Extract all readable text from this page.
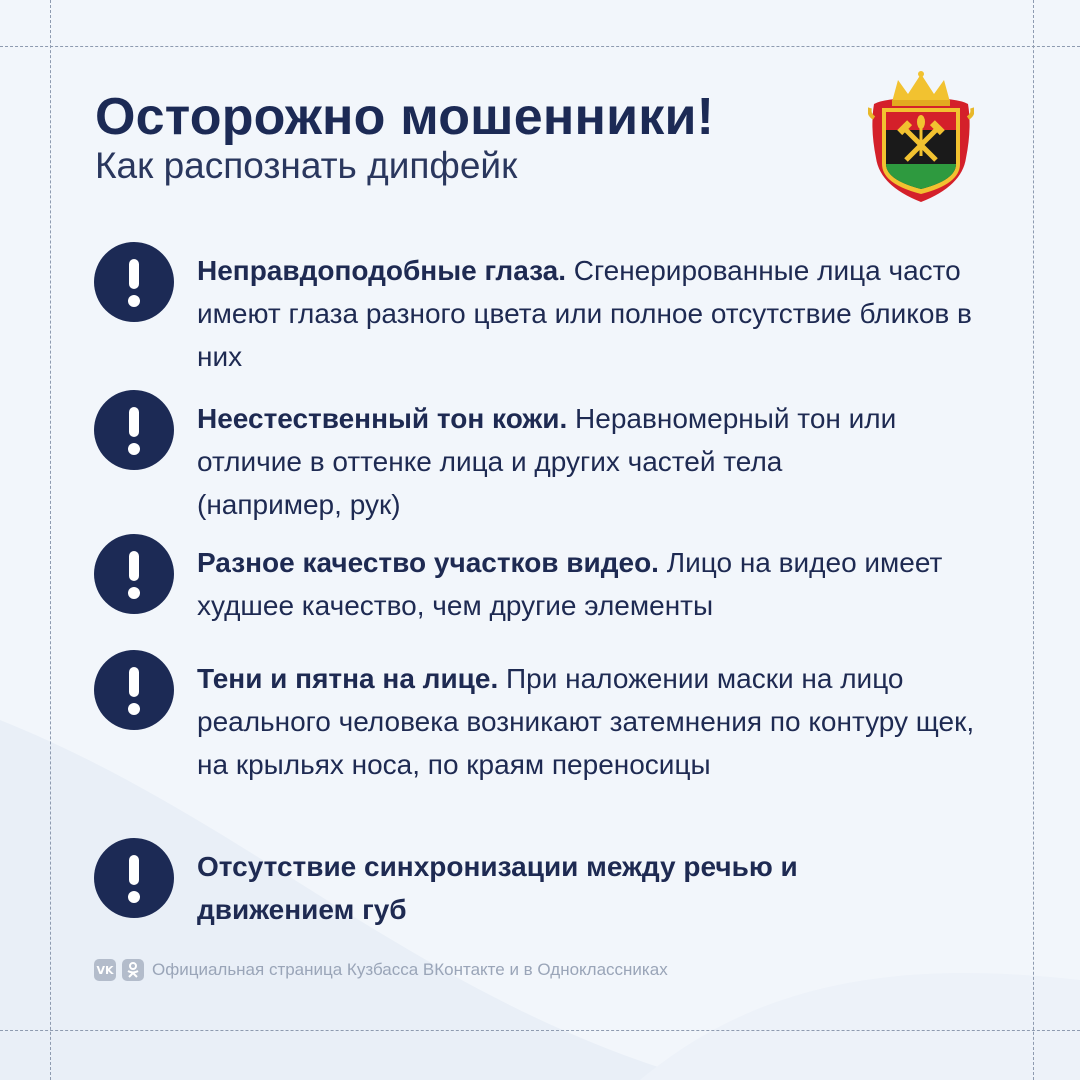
Осторожно мошенники!
Как распознать дипфейк
Неправдоподобные глаза. Сгенерированные лица часто имеют глаза разного цвета или полное отсутствие бликов в них
Неестественный тон кожи. Неравномерный тон или отличие в оттенке лица и других частей тела (например, рук)
Разное качество участков видео. Лицо на видео имеет худшее качество, чем другие элементы
Тени и пятна на лице. При наложении маски на лицо реального человека возникают затемнения по контуру щек, на крыльях носа, по краям переносицы
Отсутствие синхронизации между речью и движением губ
VK Официальная страница Кузбасса ВКонтакте и в Одноклассниках
